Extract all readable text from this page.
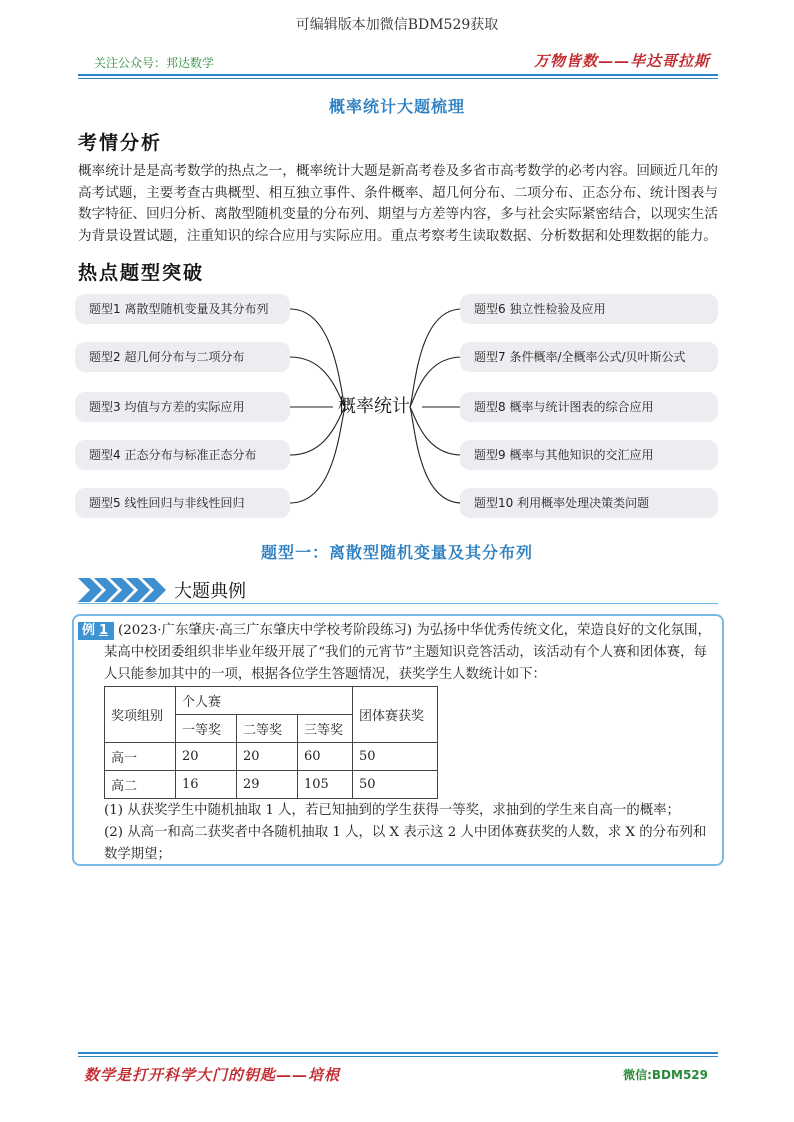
可编辑版本加微信BDM529获取
关注公众号：邦达数学	万物皆数——毕达哥拉斯
概率统计大题梳理
考情分析
概率统计是是高考数学的热点之一，概率统计大题是新高考卷及多省市高考数学的必考内容。回顾近几年的高考试题，主要考查古典概型、相互独立事件、条件概率、超几何分布、二项分布、正态分布、统计图表与数字特征、回归分析、离散型随机变量的分布列、期望与方差等内容，多与社会实际紧密结合，以现实生活为背景设置试题，注重知识的综合应用与实际应用。重点考察考生读取数据、分析数据和处理数据的能力。
热点题型突破
题型1 离散型随机变量及其分布列
题型2 超几何分布与二项分布
题型3 均值与方差的实际应用
题型4 正态分布与标准正态分布
题型5 线性回归与非线性回归
概率统计
题型6 独立性检验及应用
题型7 条件概率/全概率公式/贝叶斯公式
题型8 概率与统计图表的综合应用
题型9 概率与其他知识的交汇应用
题型10 利用概率处理决策类问题
题型一：离散型随机变量及其分布列
大题典例
例 1 (2023·广东肇庆·高三广东肇庆中学校考阶段练习) 为弘扬中华优秀传统文化，荣造良好的文化氛围，某高中校团委组织非毕业年级开展了“我们的元宵节”主题知识竞答活动，该活动有个人赛和团体赛，每人只能参加其中的一项，根据各位学生答题情况，获奖学生人数统计如下：
奖项组别	个人赛			团体赛获奖
	一等奖	二等奖	三等奖	
高一	20	20	60	50
高二	16	29	105	50
(1) 从获奖学生中随机抽取 1 人，若已知抽到的学生获得一等奖，求抽到的学生来自高一的概率；
(2) 从高一和高二获奖者中各随机抽取 1 人，以 X 表示这 2 人中团体赛获奖的人数，求 X 的分布列和数学期望；
数学是打开科学大门的钥匙——培根	微信:BDM529
